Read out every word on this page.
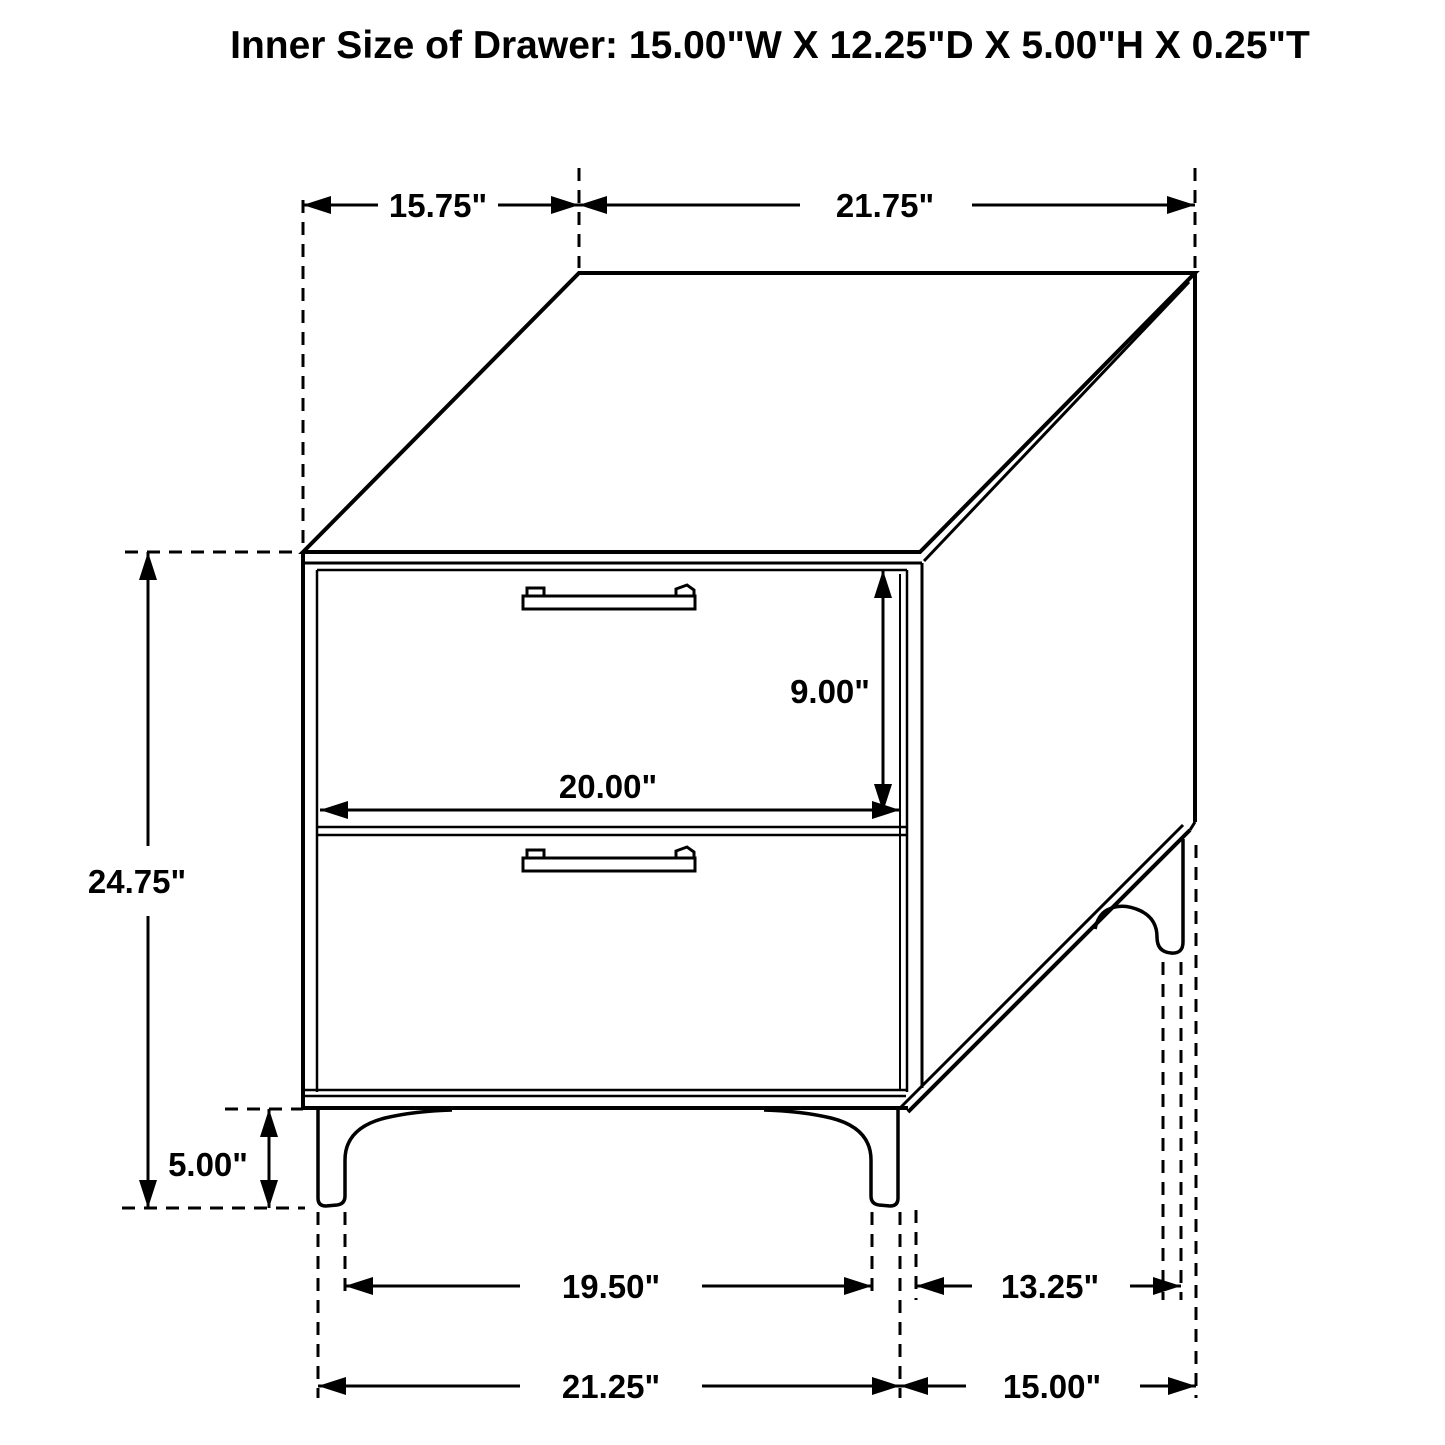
15.75"	21.75"
24.75"
5.00"
9.00"
20.00"
19.50"	13.25"
21.25"	15.00"
Inner Size of Drawer: 15.00"W X 12.25"D X 5.00"H X 0.25"T
